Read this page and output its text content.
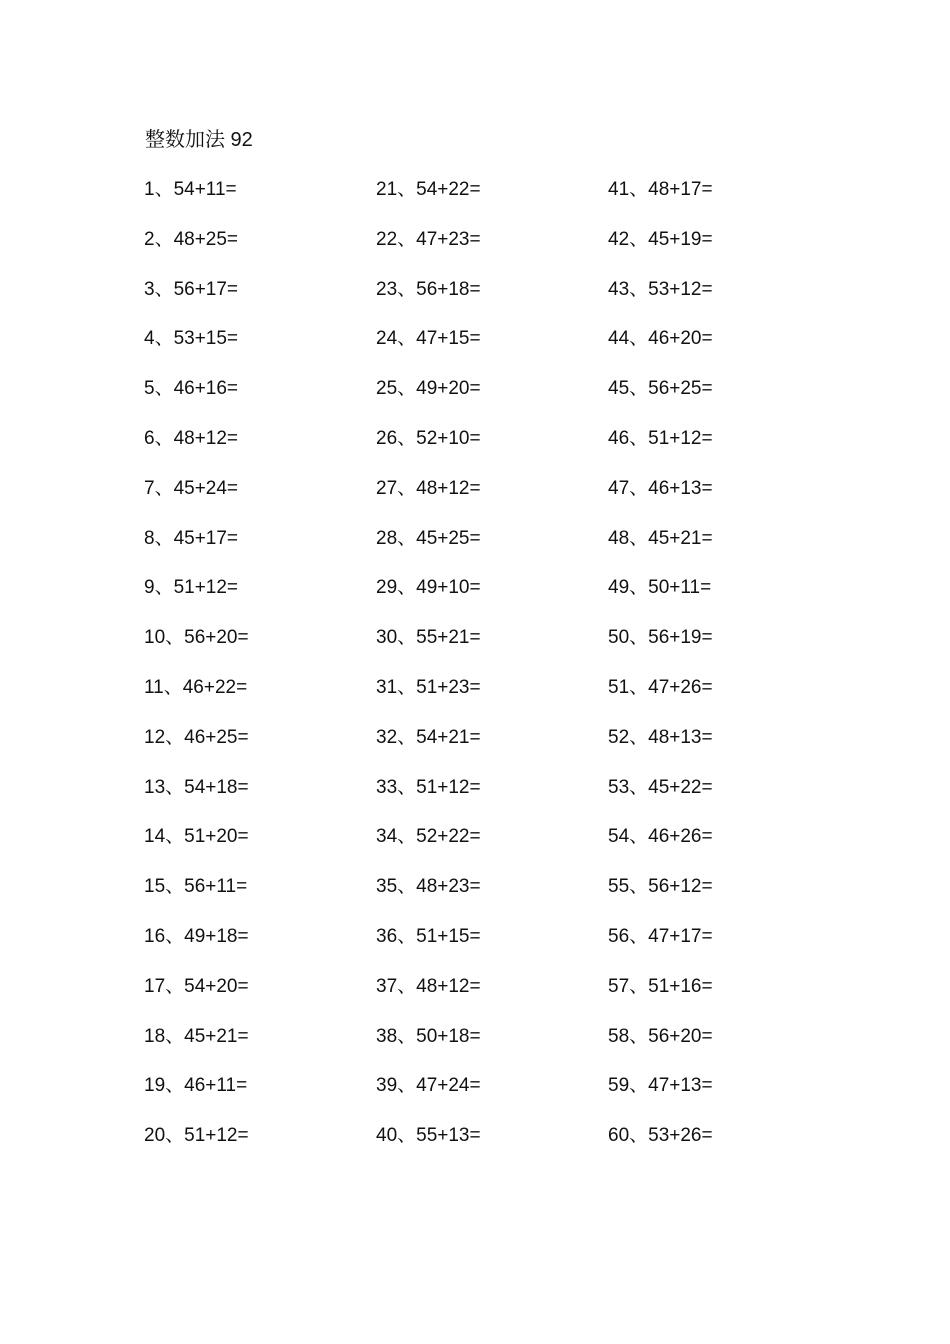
整数加法 92
1、54+11=
2、48+25=
3、56+17=
4、53+15=
5、46+16=
6、48+12=
7、45+24=
8、45+17=
9、51+12=
10、56+20=
11、46+22=
12、46+25=
13、54+18=
14、51+20=
15、56+11=
16、49+18=
17、54+20=
18、45+21=
19、46+11=
20、51+12=
21、54+22=
22、47+23=
23、56+18=
24、47+15=
25、49+20=
26、52+10=
27、48+12=
28、45+25=
29、49+10=
30、55+21=
31、51+23=
32、54+21=
33、51+12=
34、52+22=
35、48+23=
36、51+15=
37、48+12=
38、50+18=
39、47+24=
40、55+13=
41、48+17=
42、45+19=
43、53+12=
44、46+20=
45、56+25=
46、51+12=
47、46+13=
48、45+21=
49、50+11=
50、56+19=
51、47+26=
52、48+13=
53、45+22=
54、46+26=
55、56+12=
56、47+17=
57、51+16=
58、56+20=
59、47+13=
60、53+26=
